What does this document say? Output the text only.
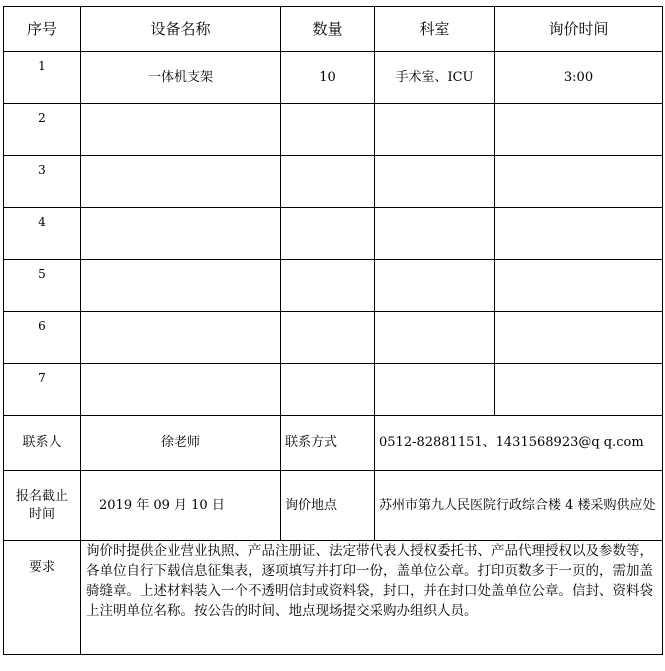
序号	设备名称	数量	科室	询价时间
1	一体机支架	10	手术室、ICU	3:00
2				
3				
4				
5				
6				
7				
联系人	徐老师	联系方式	0512-82881151、1431568923@q q.com	
报名截止时间	2019 年 09 月 10 日	询价地点	苏州市第九人民医院行政综合楼 4 楼采购供应处	
要求	询价时提供企业营业执照、产品注册证、法定带代表人授权委托书、产品代理授权以及参数等，各单位自行下载信息征集表，逐项填写并打印一份，盖单位公章。打印页数多于一页的，需加盖骑缝章。上述材料装入一个不透明信封或资料袋，封口，并在封口处盖单位公章。信封、资料袋上注明单位名称。按公告的时间、地点现场提交采购办组织人员。			
